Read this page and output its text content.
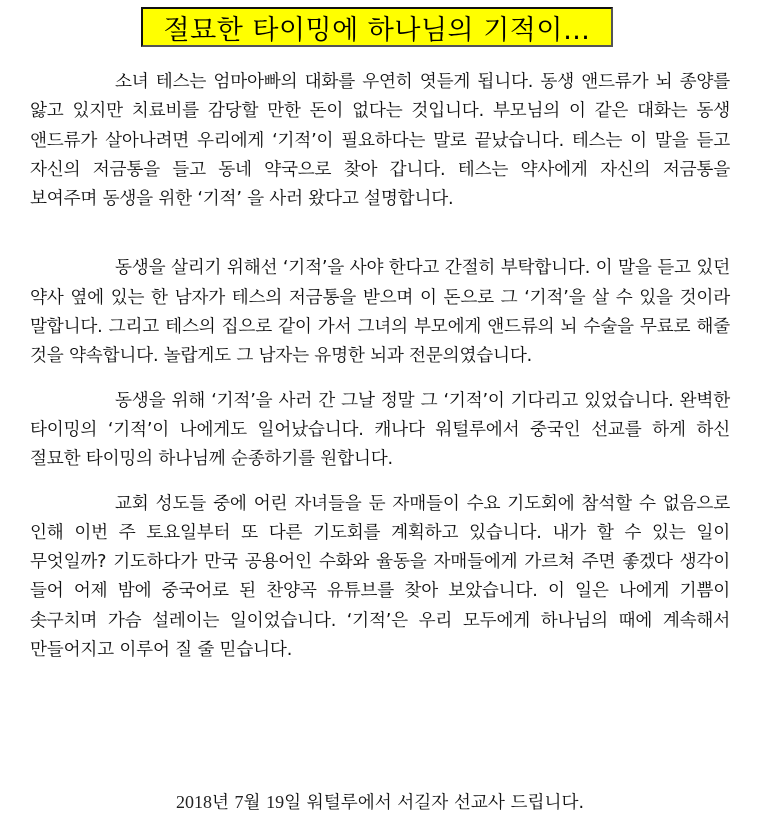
절묘한 타이밍에 하나님의 기적이…

소녀 테스는 엄마아빠의 대화를 우연히 엿듣게 됩니다. 동생 앤드류가 뇌 종양를 앓고 있지만 치료비를 감당할 만한 돈이 없다는 것입니다. 부모님의 이 같은 대화는 동생 앤드류가 살아나려면 우리에게 ‘기적’이 필요하다는 말로 끝났습니다. 테스는 이 말을 듣고 자신의 저금통을 들고 동네 약국으로 찾아 갑니다. 테스는 약사에게 자신의 저금통을 보여주며 동생을 위한 ‘기적’ 을 사러 왔다고 설명합니다.

동생을 살리기 위해선 ‘기적’을 사야 한다고 간절히 부탁합니다. 이 말을 듣고 있던 약사 옆에 있는 한 남자가 테스의 저금통을 받으며 이 돈으로 그 ‘기적’을 살 수 있을 것이라 말합니다. 그리고 테스의 집으로 같이 가서 그녀의 부모에게 앤드류의 뇌 수술을 무료로 해줄 것을 약속합니다. 놀랍게도 그 남자는 유명한 뇌과 전문의였습니다.

동생을 위해 ‘기적’을 사러 간 그날 정말 그 ‘기적’이 기다리고 있었습니다. 완벽한 타이밍의 ‘기적’이 나에게도 일어났습니다. 캐나다 워털루에서 중국인 선교를 하게 하신 절묘한 타이밍의 하나님께 순종하기를 원합니다.

교회 성도들 중에 어린 자녀들을 둔 자매들이 수요 기도회에 참석할 수 없음으로 인해 이번 주 토요일부터 또 다른 기도회를 계획하고 있습니다. 내가 할 수 있는 일이 무엇일까? 기도하다가 만국 공용어인 수화와 율동을 자매들에게 가르쳐 주면 좋겠다 생각이 들어 어제 밤에 중국어로 된 찬양곡 유튜브를 찾아 보았습니다. 이 일은 나에게 기쁨이 솟구치며 가슴 설레이는 일이었습니다. ‘기적’은 우리 모두에게 하나님의 때에 계속해서 만들어지고 이루어 질 줄 믿습니다.

2018년 7월 19일 워털루에서 서길자 선교사 드립니다.
